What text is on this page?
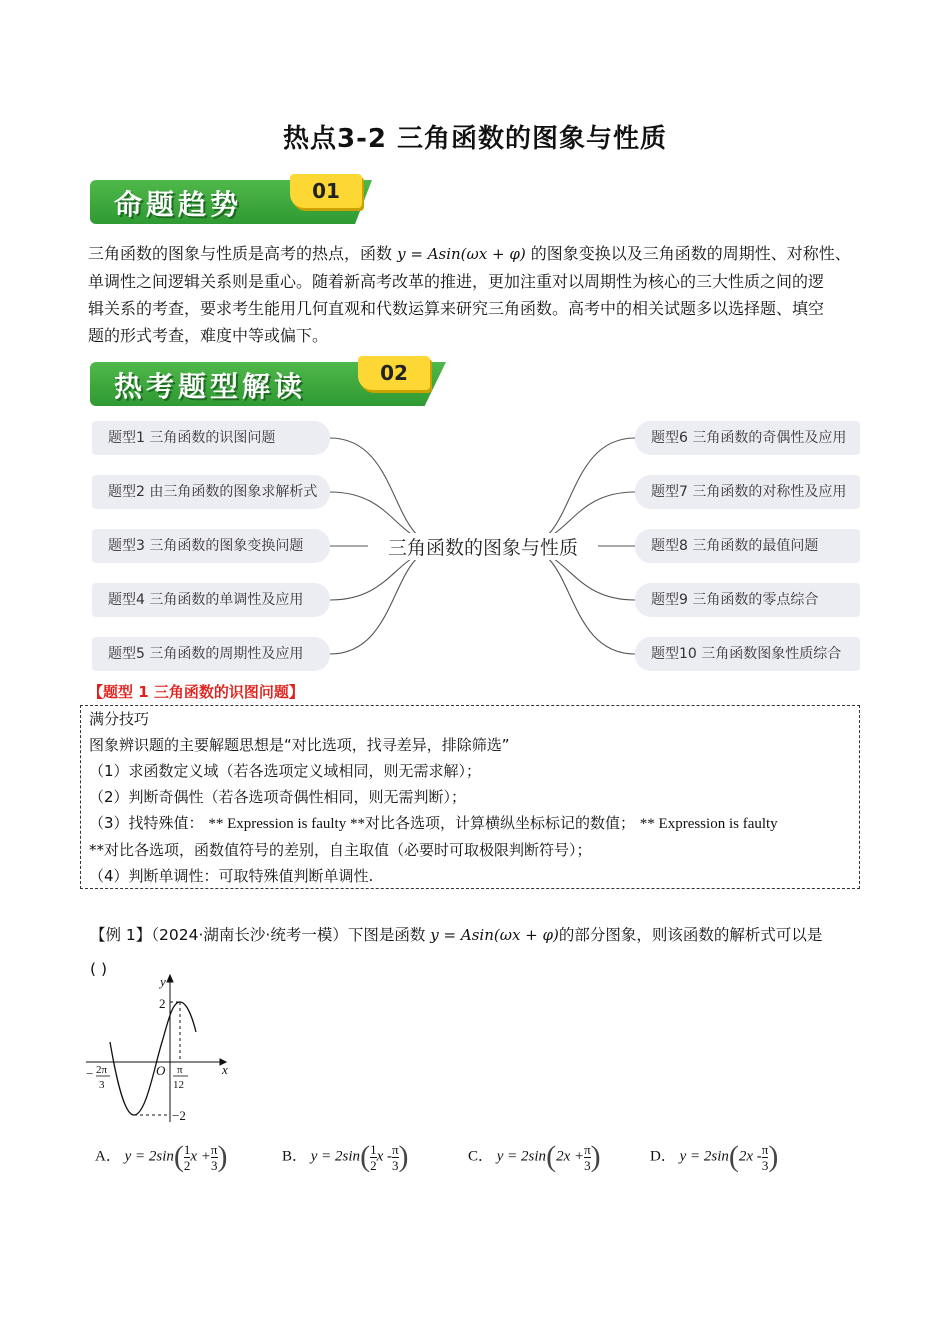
热点3-2 三角函数的图象与性质
命题趋势	01
三角函数的图象与性质是高考的热点，函数 y = Asin(ωx + φ) 的图象变换以及三角函数的周期性、对称性、
单调性之间逻辑关系则是重心。随着新高考改革的推进，更加注重对以周期性为核心的三大性质之间的逻
辑关系的考查，要求考生能用几何直观和代数运算来研究三角函数。高考中的相关试题多以选择题、填空
题的形式考查，难度中等或偏下。
热考题型解读	02
题型1 三角函数的识图问题
题型2 由三角函数的图象求解析式
题型3 三角函数的图象变换问题
题型4 三角函数的单调性及应用
题型5 三角函数的周期性及应用
题型6 三角函数的奇偶性及应用
题型7 三角函数的对称性及应用
题型8 三角函数的最值问题
题型9 三角函数的零点综合
题型10 三角函数图象性质综合
三角函数的图象与性质
【题型 1 三角函数的识图问题】
满分技巧
图象辨识题的主要解题思想是“对比选项，找寻差异，排除筛选”
（1）求函数定义域（若各选项定义域相同，则无需求解）；
（2）判断奇偶性（若各选项奇偶性相同，则无需判断）；
（3）找特殊值： ** Expression is faulty **对比各选项，计算横纵坐标标记的数值； ** Expression is faulty
**对比各选项，函数值符号的差别，自主取值（必要时可取极限判断符号）；
（4）判断单调性：可取特殊值判断单调性.
【例 1】（2024·湖南长沙·统考一模）下图是函数 y = Asin(ωx + φ)的部分图象，则该函数的解析式可以是
( )
y
x
O
2
−2
− 2π
3
π
12
A． $y = 2\sin( \frac{1}{2}$ $x + \frac{\pi}{3}$ )	B． $y = 2\sin( \frac{1}{2}$ x - $\frac{\pi}{3}$ )	C． $y = 2\sin(2x + \frac{\pi}{3}$ )	D． $y = 2\sin(2x - \frac{\pi}{3}$ )
